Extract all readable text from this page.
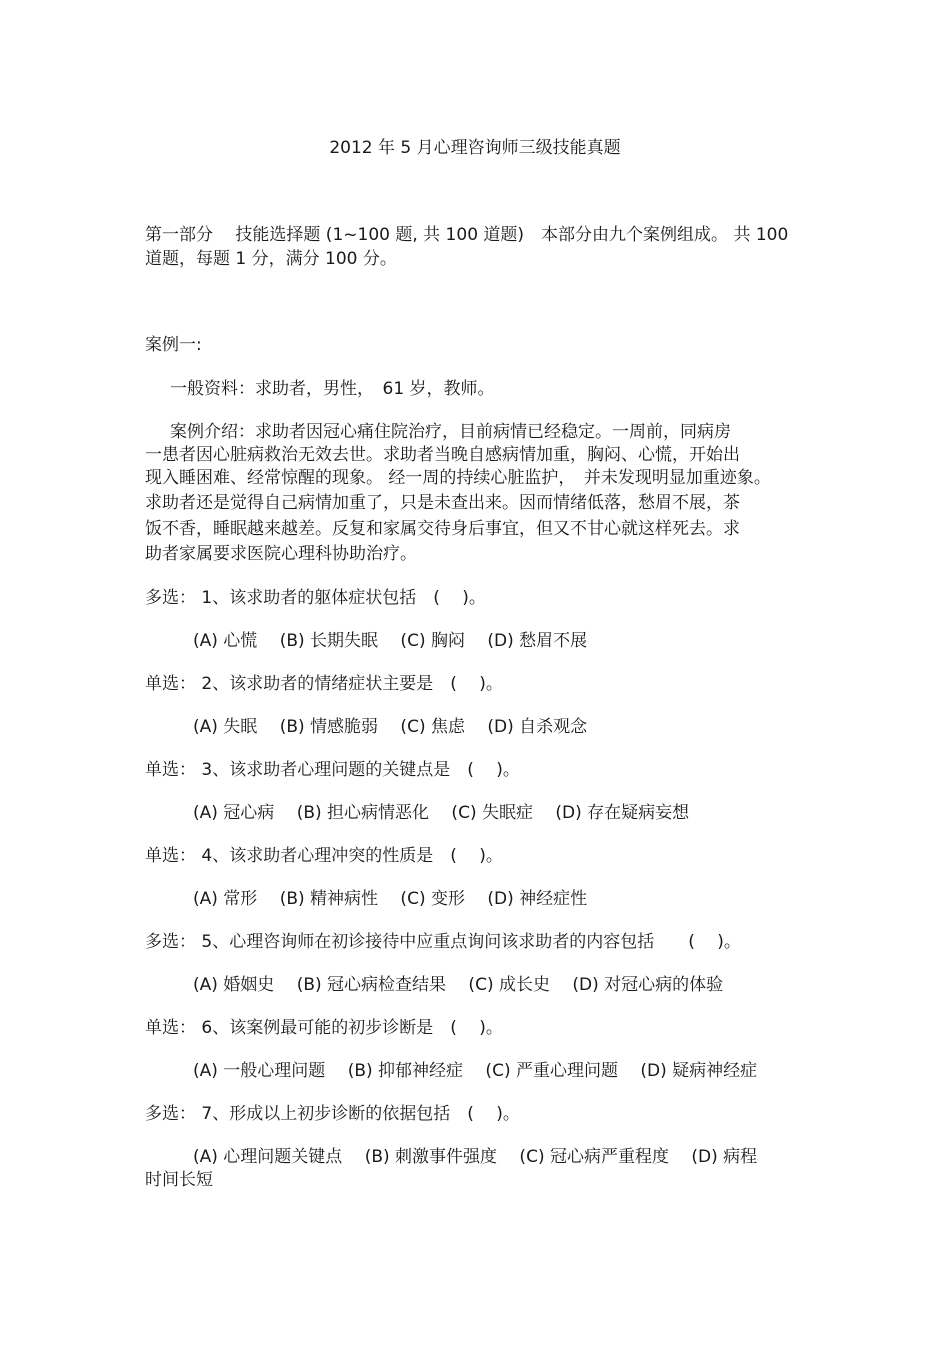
2012 年 5 月心理咨询师三级技能真题
第一部分　 技能选择题 (1~100 题, 共 100 道题)　本部分由九个案例组成。 共 100
道题，每题 1 分，满分 100 分。
案例一:
一般资料：求助者，男性，　61 岁，教师。
案例介绍：求助者因冠心痛住院治疗，目前病情已经稳定。一周前，同病房
一患者因心脏病救治无效去世。求助者当晚自感病情加重，胸闷、心慌，开始出
现入睡困难、经常惊醒的现象。 经一周的持续心脏监护，　并未发现明显加重迹象。
求助者还是觉得自己病情加重了，只是未查出来。因而情绪低落，愁眉不展，茶
饭不香，睡眠越来越差。反复和家属交待身后事宜，但又不甘心就这样死去。求
助者家属要求医院心理科协助治疗。
多选： 1、该求助者的躯体症状包括　(　 )。
(A) 心慌　 (B) 长期失眠　 (C) 胸闷　 (D) 愁眉不展
单选： 2、该求助者的情绪症状主要是　(　 )。
(A) 失眠　 (B) 情感脆弱　 (C) 焦虑　 (D) 自杀观念
单选： 3、该求助者心理问题的关键点是　(　 )。
(A) 冠心病　 (B) 担心病情恶化　 (C) 失眠症　 (D) 存在疑病妄想
单选： 4、该求助者心理冲突的性质是　(　 )。
(A) 常形　 (B) 精神病性　 (C) 变形　 (D) 神经症性
多选： 5、心理咨询师在初诊接待中应重点询问该求助者的内容包括　　(　 )。
(A) 婚姻史　 (B) 冠心病检查结果　 (C) 成长史　 (D) 对冠心病的体验
单选： 6、该案例最可能的初步诊断是　(　 )。
(A) 一般心理问题　 (B) 抑郁神经症　 (C) 严重心理问题　 (D) 疑病神经症
多选： 7、形成以上初步诊断的依据包括　(　 )。
(A) 心理问题关键点　 (B) 刺激事件强度　 (C) 冠心病严重程度　 (D) 病程
时间长短
